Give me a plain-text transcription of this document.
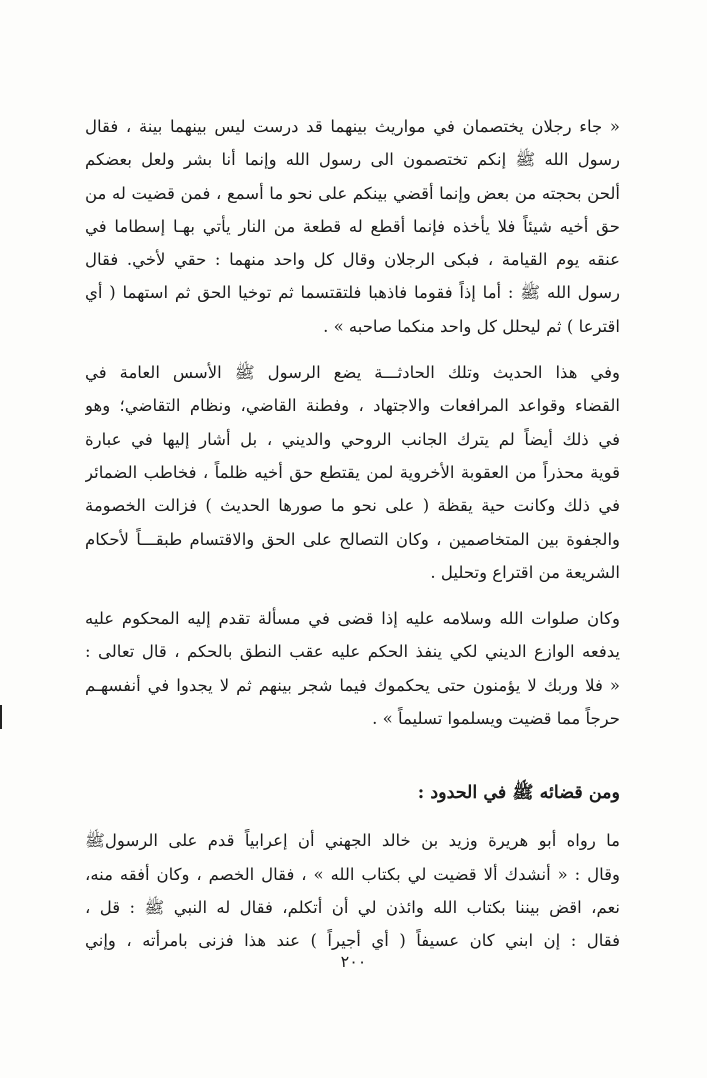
« جاء رجلان يختصمان في مواريث بينهما قد درست ليس بينهما بينة ، فقال
رسول الله ﷺ إنكم تختصمون الى رسول الله وإنما أنا بشر ولعل بعضكم
ألحن بحجته من بعض وإنما أقضي بينكم على نحو ما أسمع ، فمن قضيت له من
حق أخيه شيئاً فلا يأخذه فإنما أقطع له قطعة من النار يأتي بهـا إسطاما في
عنقه يوم القيامة ، فبكى الرجلان وقال كل واحد منهما : حقي لأخي. فقال
رسول الله ﷺ : أما إذاً فقوما فاذهبا فلتقتسما ثم توخيا الحق ثم استهما ( أي
اقترعا ) ثم ليحلل كل واحد منكما صاحبه » .
وفي هذا الحديث وتلك الحادثـــة يضع الرسول ﷺ الأسس العامة في
القضاء وقواعد المرافعات والاجتهاد ، وفطنة القاضي، ونظام التقاضي؛ وهو
في ذلك أيضاً لم يترك الجانب الروحي والديني ، بل أشار إليها في عبارة
قوية محذراً من العقوبة الأخروية لمن يقتطع حق أخيه ظلماً ، فخاطب الضمائر
في ذلك وكانت حية يقظة ( على نحو ما صورها الحديث ) فزالت الخصومة
والجفوة بين المتخاصمين ، وكان التصالح على الحق والاقتسام طبقـــاً لأحكام
الشريعة من اقتراع وتحليل .
وكان صلوات الله وسلامه عليه إذا قضى في مسألة تقدم إليه المحكوم عليه
يدفعه الوازع الديني لكي ينفذ الحكم عليه عقب النطق بالحكم ، قال تعالى :
« فلا وربك لا يؤمنون حتى يحكموك فيما شجر بينهم ثم لا يجدوا في أنفسهـم
حرجاً مما قضيت ويسلموا تسليماً » .
ومن قضائه ﷺ في الحدود :
ما رواه أبو هريرة وزيد بن خالد الجهني أن إعرابياً قدم على الرسولﷺ
وقال : « أنشدك ألا قضيت لي بكتاب الله » ، فقال الخصم ، وكان أفقه منه،
نعم، اقض بيننا بكتاب الله وائذن لي أن أتكلم، فقال له النبي ﷺ : قل ،
فقال : إن ابني كان عسيفاً ( أي أجيراً ) عند هذا فزنى بامرأته ، وإني
٢٠٠
